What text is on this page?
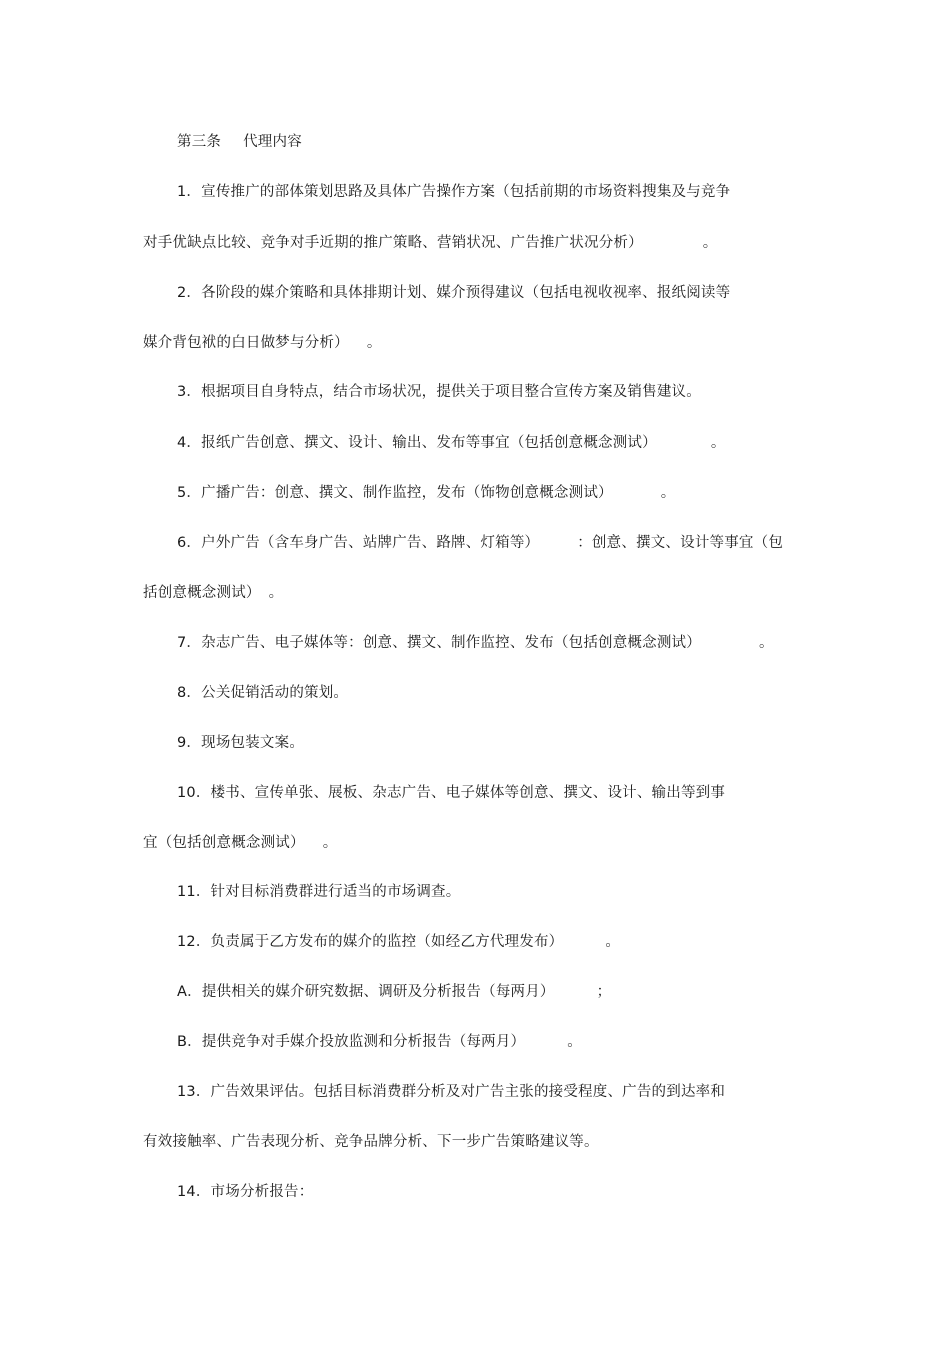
第三条 代理内容
1．宣传推广的部体策划思路及具体广告操作方案（包括前期的市场资料搜集及与竞争
对手优缺点比较、竞争对手近期的推广策略、营销状况、广告推广状况分析）	。
2．各阶段的媒介策略和具体排期计划、媒介预得建议（包括电视收视率、报纸阅读等
媒介背包袱的白日做梦与分析） 。
3．根据项目自身特点，结合市场状况，提供关于项目整合宣传方案及销售建议。
4．报纸广告创意、撰文、设计、输出、发布等事宜（包括创意概念测试）	。
5．广播广告：创意、撰文、制作监控，发布（饰物创意概念测试）	。
6．户外广告（含车身广告、站牌广告、路牌、灯箱等）	：创意、撰文、设计等事宜（包
括创意概念测试） 。
7．杂志广告、电子媒体等：创意、撰文、制作监控、发布（包括创意概念测试）	。
8．公关促销活动的策划。
9．现场包装文案。
10．楼书、宣传单张、展板、杂志广告、电子媒体等创意、撰文、设计、输出等到事
宜（包括创意概念测试） 。
11．针对目标消费群进行适当的市场调查。
12．负责属于乙方发布的媒介的监控（如经乙方代理发布）	。
A．提供相关的媒介研究数据、调研及分析报告（每两月）	；
B．提供竞争对手媒介投放监测和分析报告（每两月）	。
13．广告效果评估。包括目标消费群分析及对广告主张的接受程度、广告的到达率和
有效接触率、广告表现分析、竞争品牌分析、下一步广告策略建议等。
14．市场分析报告：
